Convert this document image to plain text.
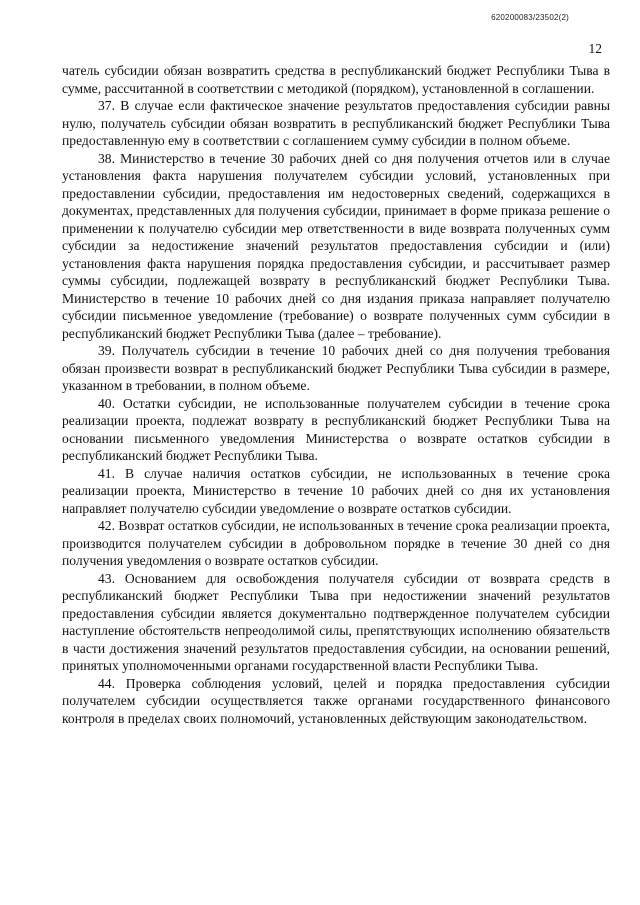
620200083/23502(2)
12

чатель субсидии обязан возвратить средства в республиканский бюджет Республики Тыва в сумме, рассчитанной в соответствии с методикой (порядком), установленной в соглашении.

37. В случае если фактическое значение результатов предоставления субсидии равны нулю, получатель субсидии обязан возвратить в республиканский бюджет Республики Тыва предоставленную ему в соответствии с соглашением сумму субсидии в полном объеме.

38. Министерство в течение 30 рабочих дней со дня получения отчетов или в случае установления факта нарушения получателем субсидии условий, установленных при предоставлении субсидии, предоставления им недостоверных сведений, содержащихся в документах, представленных для получения субсидии, принимает в форме приказа решение о применении к получателю субсидии мер ответственности в виде возврата полученных сумм субсидии за недостижение значений результатов предоставления субсидии и (или) установления факта нарушения порядка предоставления субсидии, и рассчитывает размер суммы субсидии, подлежащей возврату в республиканский бюджет Республики Тыва. Министерство в течение 10 рабочих дней со дня издания приказа направляет получателю субсидии письменное уведомление (требование) о возврате полученных сумм субсидии в республиканский бюджет Республики Тыва (далее – требование).

39. Получатель субсидии в течение 10 рабочих дней со дня получения требования обязан произвести возврат в республиканский бюджет Республики Тыва субсидии в размере, указанном в требовании, в полном объеме.

40. Остатки субсидии, не использованные получателем субсидии в течение срока реализации проекта, подлежат возврату в республиканский бюджет Республики Тыва на основании письменного уведомления Министерства о возврате остатков субсидии в республиканский бюджет Республики Тыва.

41. В случае наличия остатков субсидии, не использованных в течение срока реализации проекта, Министерство в течение 10 рабочих дней со дня их установления направляет получателю субсидии уведомление о возврате остатков субсидии.

42. Возврат остатков субсидии, не использованных в течение срока реализации проекта, производится получателем субсидии в добровольном порядке в течение 30 дней со дня получения уведомления о возврате остатков субсидии.

43. Основанием для освобождения получателя субсидии от возврата средств в республиканский бюджет Республики Тыва при недостижении значений результатов предоставления субсидии является документально подтвержденное получателем субсидии наступление обстоятельств непреодолимой силы, препятствующих исполнению обязательств в части достижения значений результатов предоставления субсидии, на основании решений, принятых уполномоченными органами государственной власти Республики Тыва.

44. Проверка соблюдения условий, целей и порядка предоставления субсидии получателем субсидии осуществляется также органами государственного финансового контроля в пределах своих полномочий, установленных действующим законодательством.
